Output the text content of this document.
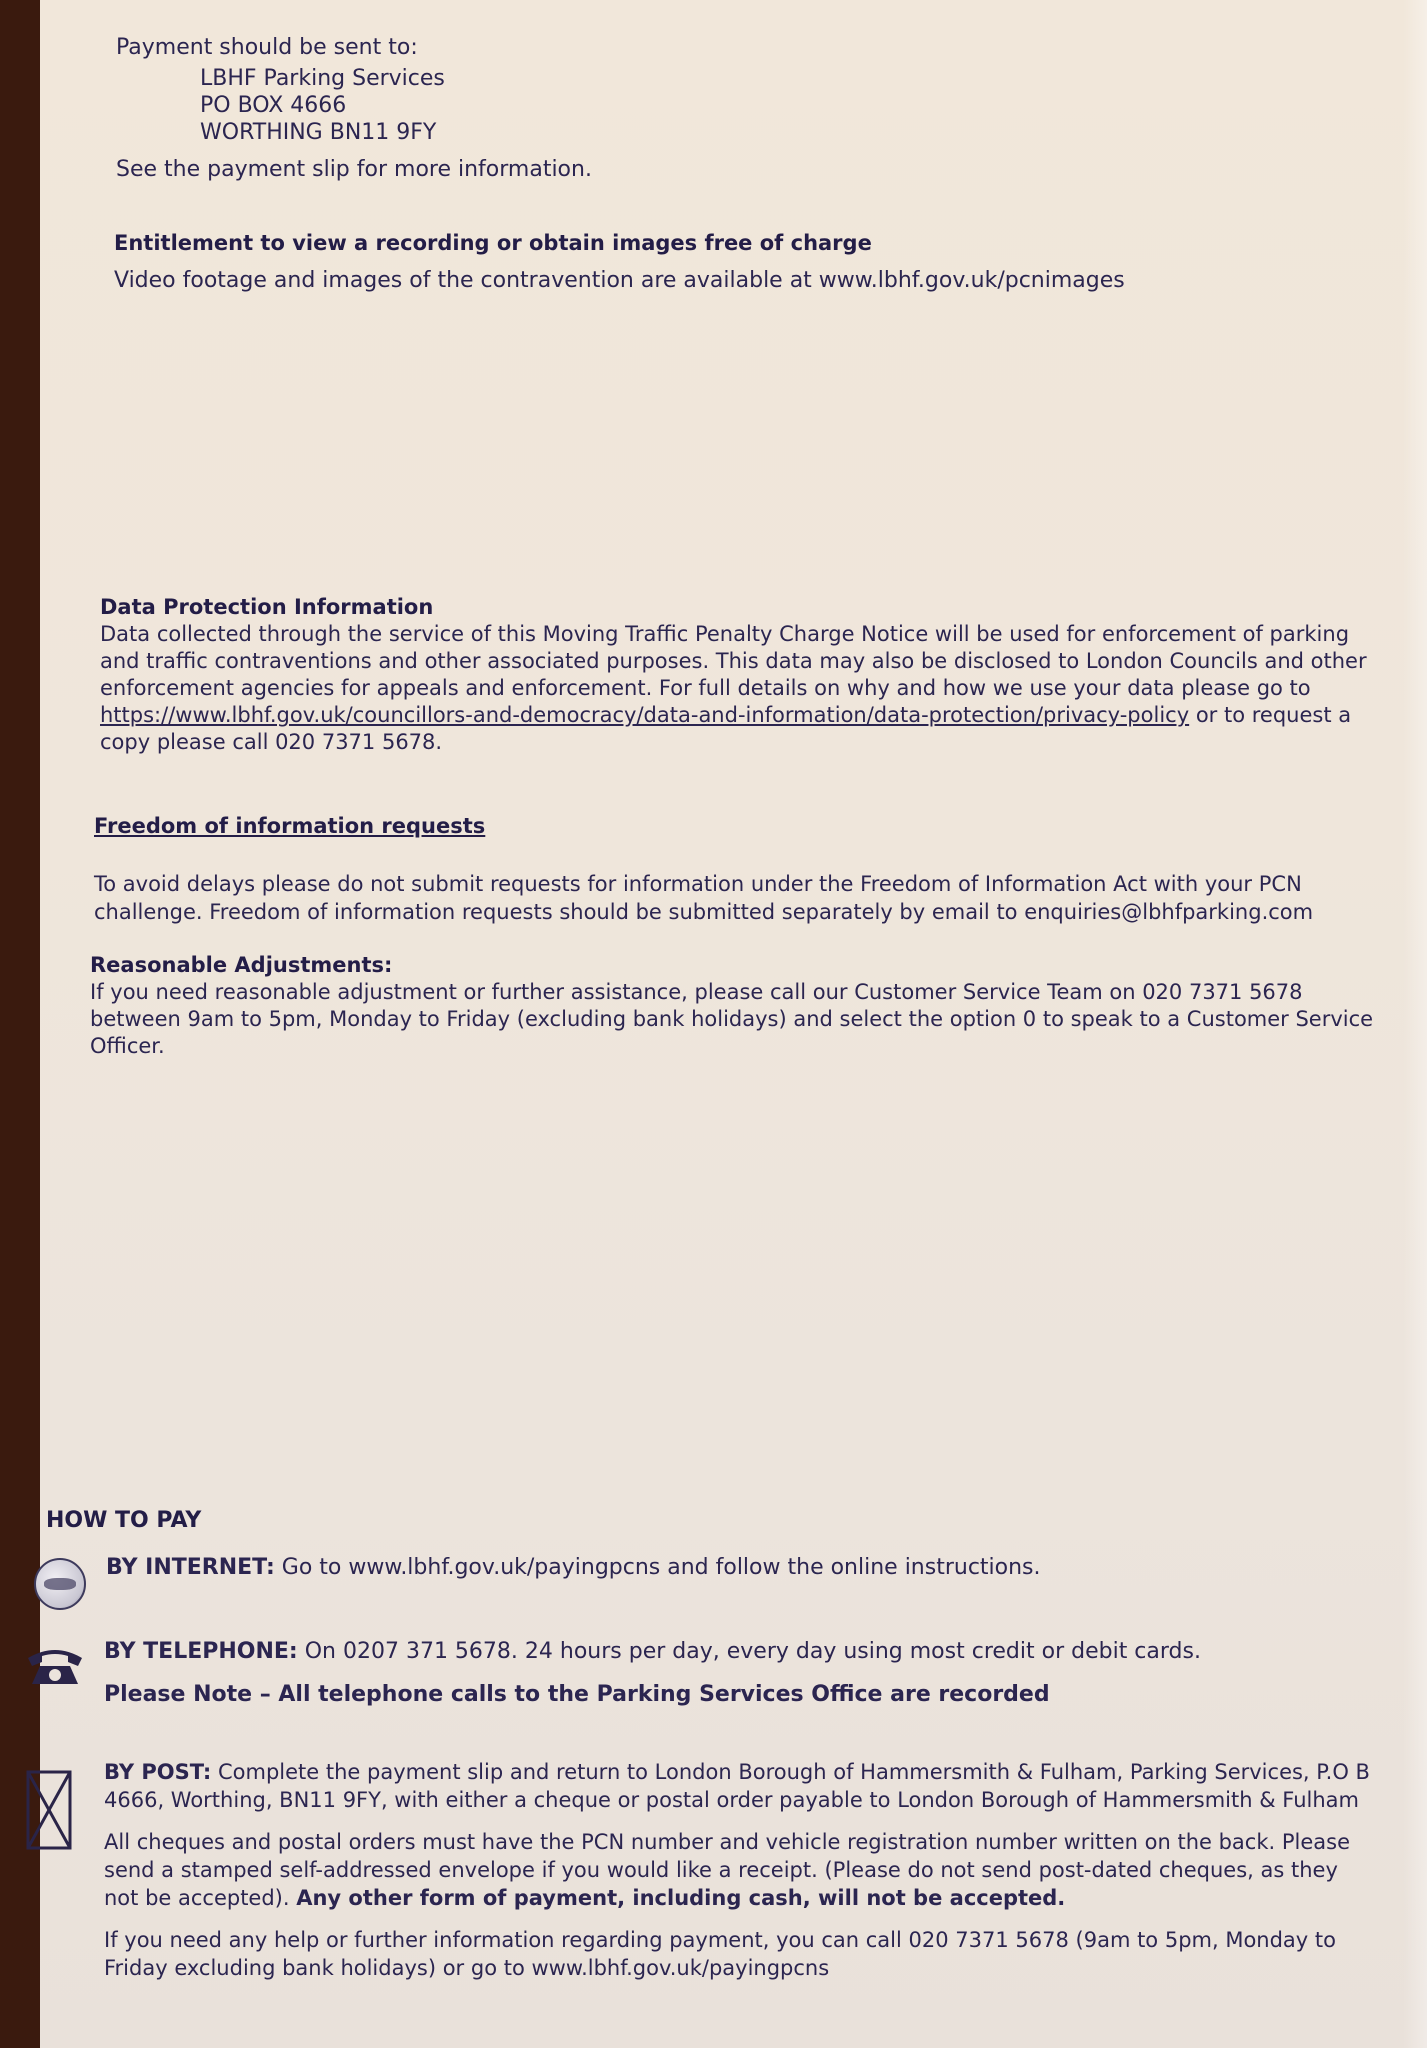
Payment should be sent to:

LBHF Parking Services

PO BOX 4666

WORTHING BN11 9FY

See the payment slip for more information.

Entitlement to view a recording or obtain images free of charge

Video footage and images of the contravention are available at www.lbhf.gov.uk/pcnimages

Data Protection Information

Data collected through the service of this Moving Traffic Penalty Charge Notice will be used for enforcement of parking

and traffic contraventions and other associated purposes. This data may also be disclosed to London Councils and other

enforcement agencies for appeals and enforcement. For full details on why and how we use your data please go to

https://www.lbhf.gov.uk/councillors-and-democracy/data-and-information/data-protection/privacy-policy or to request a

copy please call 020 7371 5678.

Freedom of information requests

To avoid delays please do not submit requests for information under the Freedom of Information Act with your PCN

challenge. Freedom of information requests should be submitted separately by email to enquiries@lbhfparking.com

Reasonable Adjustments:

If you need reasonable adjustment or further assistance, please call our Customer Service Team on 020 7371 5678

between 9am to 5pm, Monday to Friday (excluding bank holidays) and select the option 0 to speak to a Customer Service

Officer.

HOW TO PAY

BY INTERNET: Go to www.lbhf.gov.uk/payingpcns and follow the online instructions.

BY TELEPHONE: On 0207 371 5678. 24 hours per day, every day using most credit or debit cards.

Please Note – All telephone calls to the Parking Services Office are recorded

BY POST: Complete the payment slip and return to London Borough of Hammersmith & Fulham, Parking Services, P.O B

4666, Worthing, BN11 9FY, with either a cheque or postal order payable to London Borough of Hammersmith & Fulham

All cheques and postal orders must have the PCN number and vehicle registration number written on the back. Please

send a stamped self-addressed envelope if you would like a receipt. (Please do not send post-dated cheques, as they

not be accepted). Any other form of payment, including cash, will not be accepted.

If you need any help or further information regarding payment, you can call 020 7371 5678 (9am to 5pm, Monday to

Friday excluding bank holidays) or go to www.lbhf.gov.uk/payingpcns
